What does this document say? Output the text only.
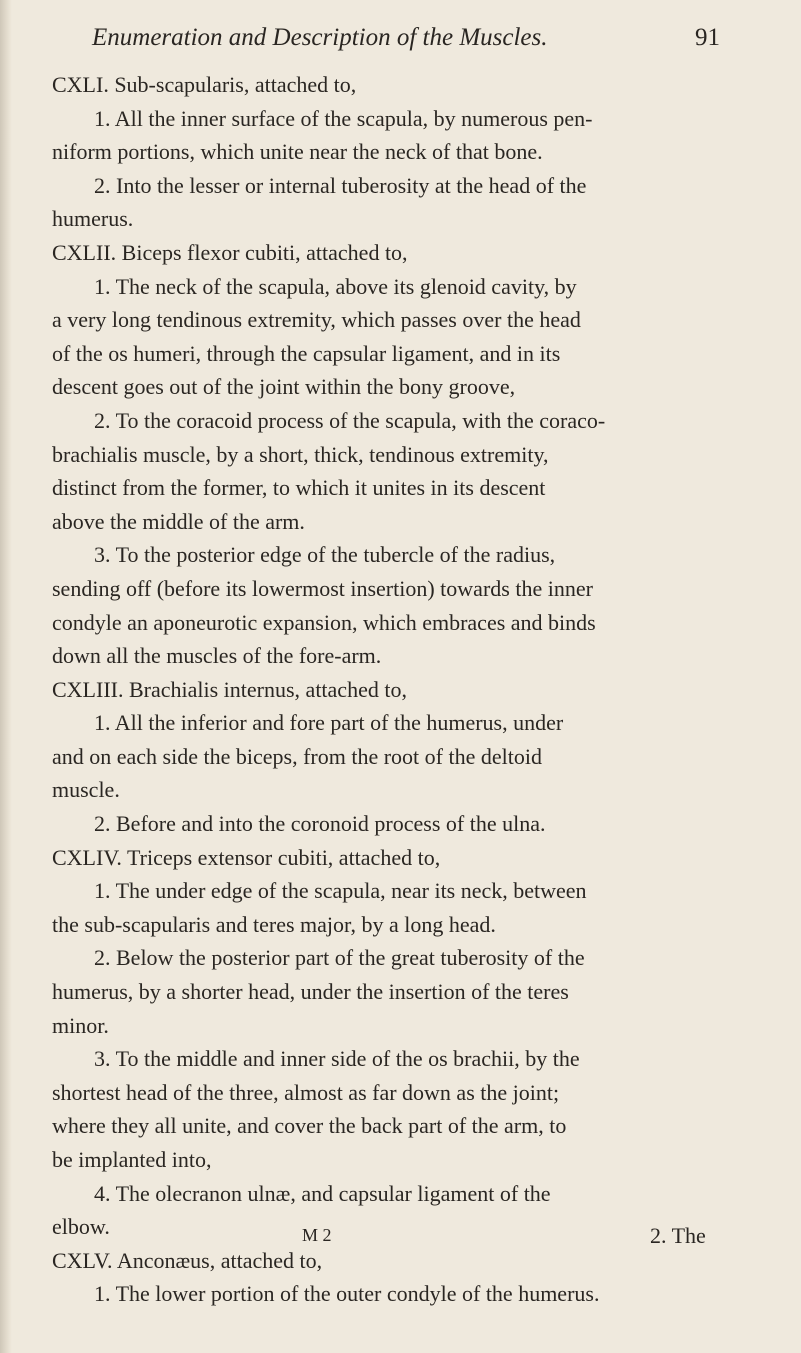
Enumeration and Description of the Muscles.	91
CXLI. Sub-scapularis, attached to,
1. All the inner surface of the scapula, by numerous pen-
niform portions, which unite near the neck of that bone.
2. Into the lesser or internal tuberosity at the head of the
humerus.
CXLII. Biceps flexor cubiti, attached to,
1. The neck of the scapula, above its glenoid cavity, by
a very long tendinous extremity, which passes over the head
of the os humeri, through the capsular ligament, and in its
descent goes out of the joint within the bony groove,
2. To the coracoid process of the scapula, with the coraco-
brachialis muscle, by a short, thick, tendinous extremity,
distinct from the former, to which it unites in its descent
above the middle of the arm.
3. To the posterior edge of the tubercle of the radius,
sending off (before its lowermost insertion) towards the inner
condyle an aponeurotic expansion, which embraces and binds
down all the muscles of the fore-arm.
CXLIII. Brachialis internus, attached to,
1. All the inferior and fore part of the humerus, under
and on each side the biceps, from the root of the deltoid
muscle.
2. Before and into the coronoid process of the ulna.
CXLIV. Triceps extensor cubiti, attached to,
1. The under edge of the scapula, near its neck, between
the sub-scapularis and teres major, by a long head.
2. Below the posterior part of the great tuberosity of the
humerus, by a shorter head, under the insertion of the teres
minor.
3. To the middle and inner side of the os brachii, by the
shortest head of the three, almost as far down as the joint;
where they all unite, and cover the back part of the arm, to
be implanted into,
4. The olecranon ulnæ, and capsular ligament of the
elbow.
CXLV. Anconæus, attached to,
1. The lower portion of the outer condyle of the humerus.
M 2	2. The
